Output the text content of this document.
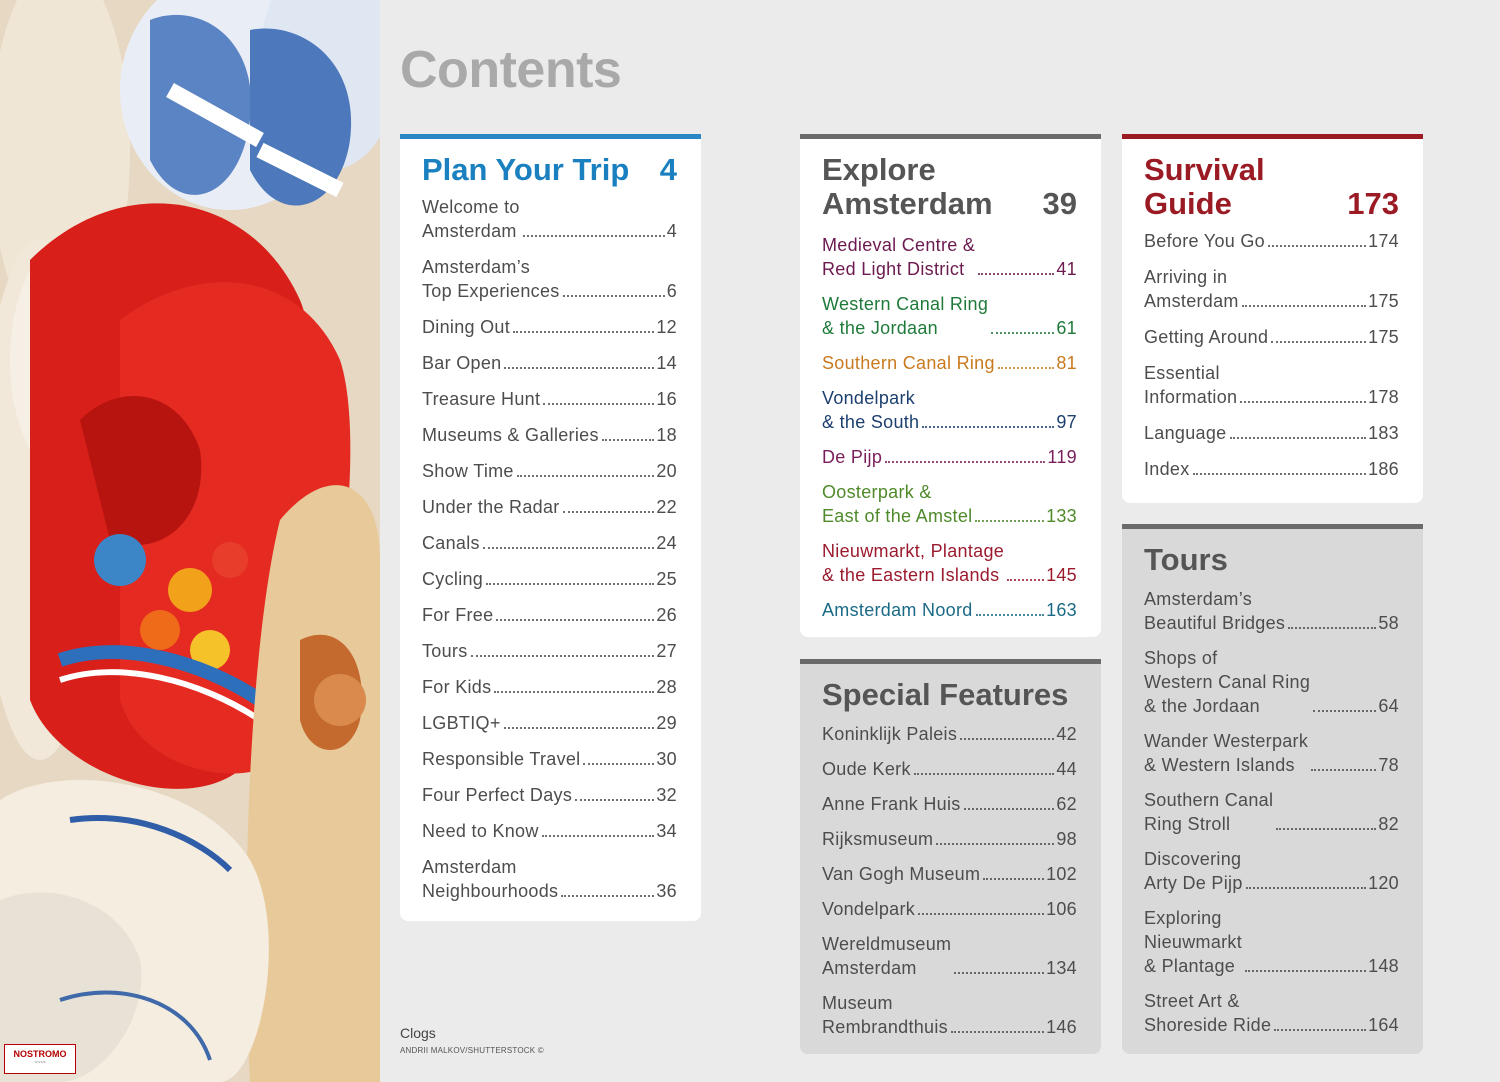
NOSTROMO
~~~~
Contents
Clogs
ANDRII MALKOV/SHUTTERSTOCK ©
Plan Your Trip 4
Welcome to
Amsterdam	4
Amsterdam’s
Top Experiences	6
Dining Out	12
Bar Open	14
Treasure Hunt	16
Museums & Galleries	18
Show Time	20
Under the Radar	22
Canals	24
Cycling	25
For Free	26
Tours	27
For Kids	28
LGBTIQ+	29
Responsible Travel	30
Four Perfect Days	32
Need to Know	34
Amsterdam
Neighbourhoods	36
Explore Amsterdam	39
Medieval Centre &
Red Light District	41
Western Canal Ring
& the Jordaan	61
Southern Canal Ring	81
Vondelpark
& the South	97
De Pijp	119
Oosterpark &
East of the Amstel	133
Nieuwmarkt, Plantage
& the Eastern Islands	145
Amsterdam Noord	163
Survival Guide	173
Before You Go	174
Arriving in
Amsterdam	175
Getting Around	175
Essential
Information	178
Language	183
Index	186
Special Features
Koninklijk Paleis	42
Oude Kerk	44
Anne Frank Huis	62
Rijksmuseum	98
Van Gogh Museum	102
Vondelpark	106
Wereldmuseum
Amsterdam	134
Museum
Rembrandthuis	146
Tours
Amsterdam’s
Beautiful Bridges	58
Shops of
Western Canal Ring
& the Jordaan	64
Wander Westerpark
& Western Islands	78
Southern Canal
Ring Stroll	82
Discovering
Arty De Pijp	120
Exploring
Nieuwmarkt
& Plantage	148
Street Art &
Shoreside Ride	164
